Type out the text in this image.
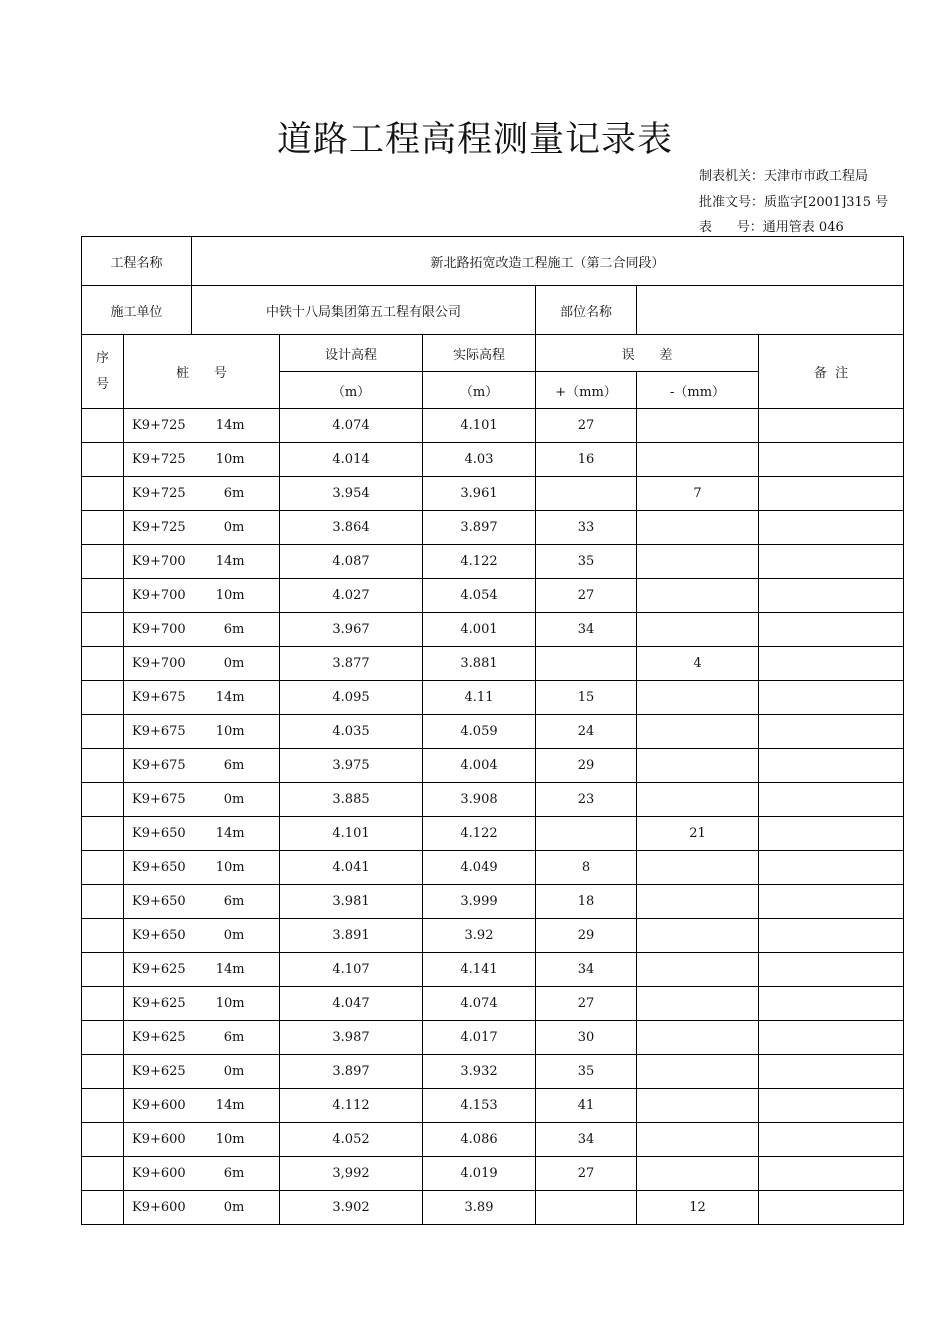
道路工程高程测量记录表
制表机关：天津市市政工程局
批准文号：质监字[2001]315 号
表      号：通用管表 046
工程名称		新北路拓宽改造工程施工（第二合同段）					
施工单位		中铁十八局集团第五工程有限公司			部位名称		
序
号	桩      号		设计高程	实际高程	误      差		备  注
			（m）	（m）	+（mm）	-（mm）	
	K9+725 14m		4.074	4.101	27		
	K9+725 10m		4.014	4.03	16		
	K9+725 6m		3.954	3.961		7	
	K9+725 0m		3.864	3.897	33		
	K9+700 14m		4.087	4.122	35		
	K9+700 10m		4.027	4.054	27		
	K9+700 6m		3.967	4.001	34		
	K9+700 0m		3.877	3.881		4	
	K9+675 14m		4.095	4.11	15		
	K9+675 10m		4.035	4.059	24		
	K9+675 6m		3.975	4.004	29		
	K9+675 0m		3.885	3.908	23		
	K9+650 14m		4.101	4.122		21	
	K9+650 10m		4.041	4.049	8		
	K9+650 6m		3.981	3.999	18		
	K9+650 0m		3.891	3.92	29		
	K9+625 14m		4.107	4.141	34		
	K9+625 10m		4.047	4.074	27		
	K9+625 6m		3.987	4.017	30		
	K9+625 0m		3.897	3.932	35		
	K9+600 14m		4.112	4.153	41		
	K9+600 10m		4.052	4.086	34		
	K9+600 6m		3,992	4.019	27		
	K9+600 0m		3.902	3.89		12	
